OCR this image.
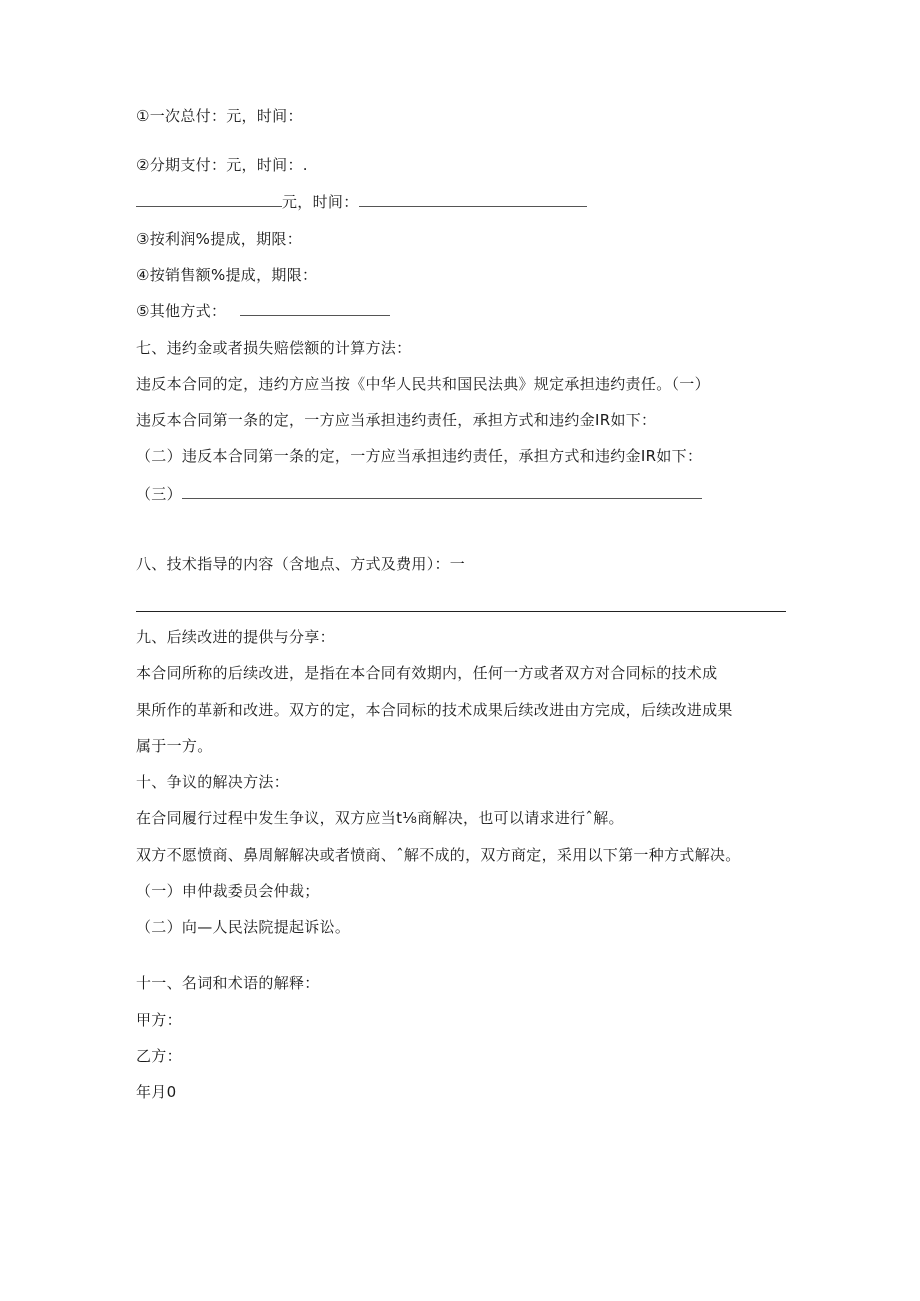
①一次总付：元，时间：
②分期支付：元，时间：.
元，时间：
③按利润%提成，期限：
④按销售额%提成，期限：
⑤其他方式：
七、违约金或者损失赔偿额的计算方法：
违反本合同的定，违约方应当按《中华人民共和国民法典》规定承担违约责任。（一）
违反本合同第一条的定，一方应当承担违约责任，承担方式和违约金IR如下：
（二）违反本合同第一条的定，一方应当承担违约责任，承担方式和违约金IR如下：
（三）
八、技术指导的内容（含地点、方式及费用）：一
九、后续改进的提供与分享：
本合同所称的后续改进，是指在本合同有效期内，任何一方或者双方对合同标的技术成
果所作的革新和改进。双方的定，本合同标的技术成果后续改进由方完成，后续改进成果
属于一方。
十、争议的解决方法：
在合同履行过程中发生争议，双方应当t⅛商解决，也可以请求进行ˆ解。
双方不愿愤商、鼻周解解决或者愤商、ˆ解不成的，双方商定，采用以下第一种方式解决。
（一）申仲裁委员会仲裁；
（二）向—人民法院提起诉讼。
十一、名词和术语的解释：
甲方：
乙方：
年月0
